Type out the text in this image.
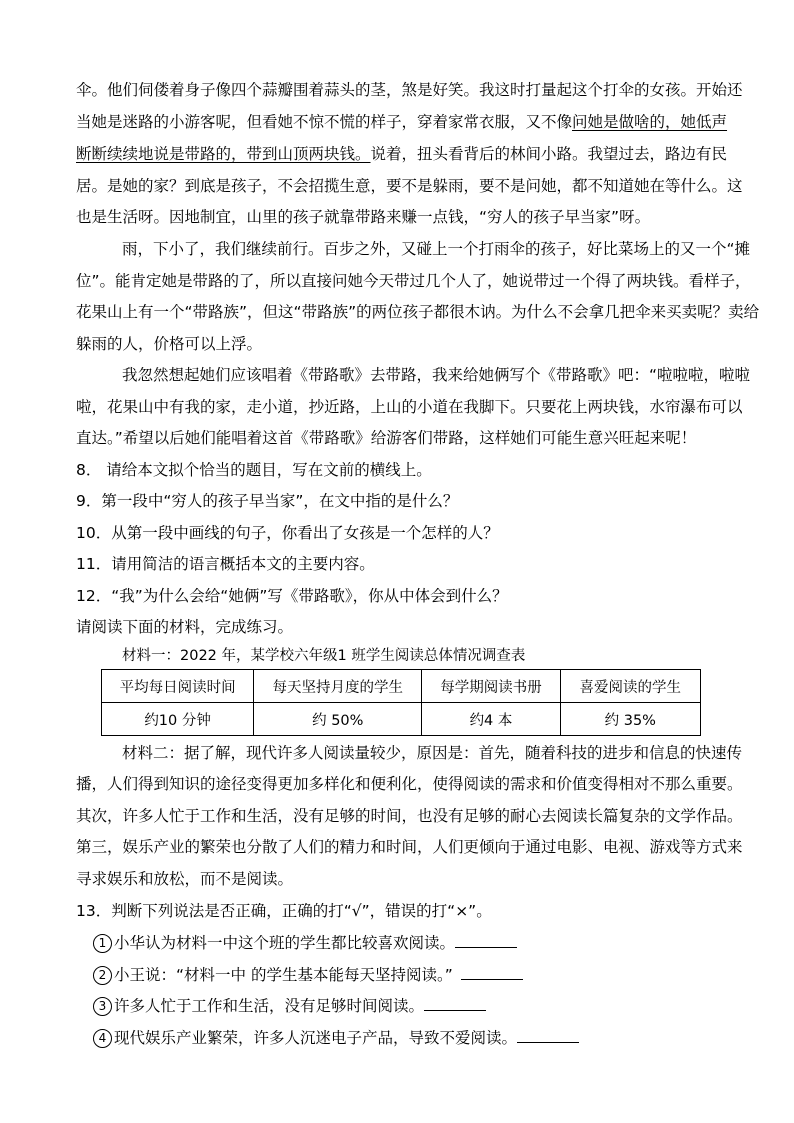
伞。他们伺偻着身子像四个蒜瓣围着蒜头的茎，煞是好笑。我这时打量起这个打伞的女孩。开始还
当她是迷路的小游客呢，但看她不惊不慌的样子，穿着家常衣服，又不像问她是做啥的，她低声
断断续续地说是带路的，带到山顶两块钱。说着，扭头看背后的林间小路。我望过去，路边有民
居。是她的家？到底是孩子，不会招揽生意，要不是躲雨，要不是问她，都不知道她在等什么。这
也是生活呀。因地制宜，山里的孩子就靠带路来赚一点钱，“穷人的孩子早当家”呀。
雨，下小了，我们继续前行。百步之外，又碰上一个打雨伞的孩子，好比菜场上的又一个“摊
位”。能肯定她是带路的了，所以直接问她今天带过几个人了，她说带过一个得了两块钱。看样子，
花果山上有一个“带路族”，但这“带路族”的两位孩子都很木讷。为什么不会拿几把伞来买卖呢？卖给
躲雨的人，价格可以上浮。
我忽然想起她们应该唱着《带路歌》去带路，我来给她俩写个《带路歌》吧：“啦啦啦，啦啦
啦，花果山中有我的家，走小道，抄近路，上山的小道在我脚下。只要花上两块钱，水帘瀑布可以
直达。”希望以后她们能唱着这首《带路歌》给游客们带路，这样她们可能生意兴旺起来呢！
8． 请给本文拟个恰当的题目，写在文前的横线上。
9．第一段中“穷人的孩子早当家”，在文中指的是什么？
10．从第一段中画线的句子，你看出了女孩是一个怎样的人？
11．请用简洁的语言概括本文的主要内容。
12．“我”为什么会给“她俩”写《带路歌》，你从中体会到什么？
请阅读下面的材料，完成练习。
材料一：2022 年，某学校六年级1 班学生阅读总体情况调查表
平均每日阅读时间	每天坚持月度的学生	每学期阅读书册	喜爱阅读的学生
约10 分钟	约 50%	约4 本	约 35%
材料二：据了解，现代许多人阅读量较少，原因是：首先，随着科技的进步和信息的快速传
播，人们得到知识的途径变得更加多样化和便利化，使得阅读的需求和价值变得相对不那么重要。
其次，许多人忙于工作和生活，没有足够的时间，也没有足够的耐心去阅读长篇复杂的文学作品。
第三，娱乐产业的繁荣也分散了人们的精力和时间，人们更倾向于通过电影、电视、游戏等方式来
寻求娱乐和放松，而不是阅读。
13．判断下列说法是否正确，正确的打“√”，错误的打“×”。
1 小华认为材料一中这个班的学生都比较喜欢阅读。
2 小王说：“材料一中 的学生基本能每天坚持阅读。”
3 许多人忙于工作和生活，没有足够时间阅读。
4 现代娱乐产业繁荣，许多人沉迷电子产品，导致不爱阅读。
